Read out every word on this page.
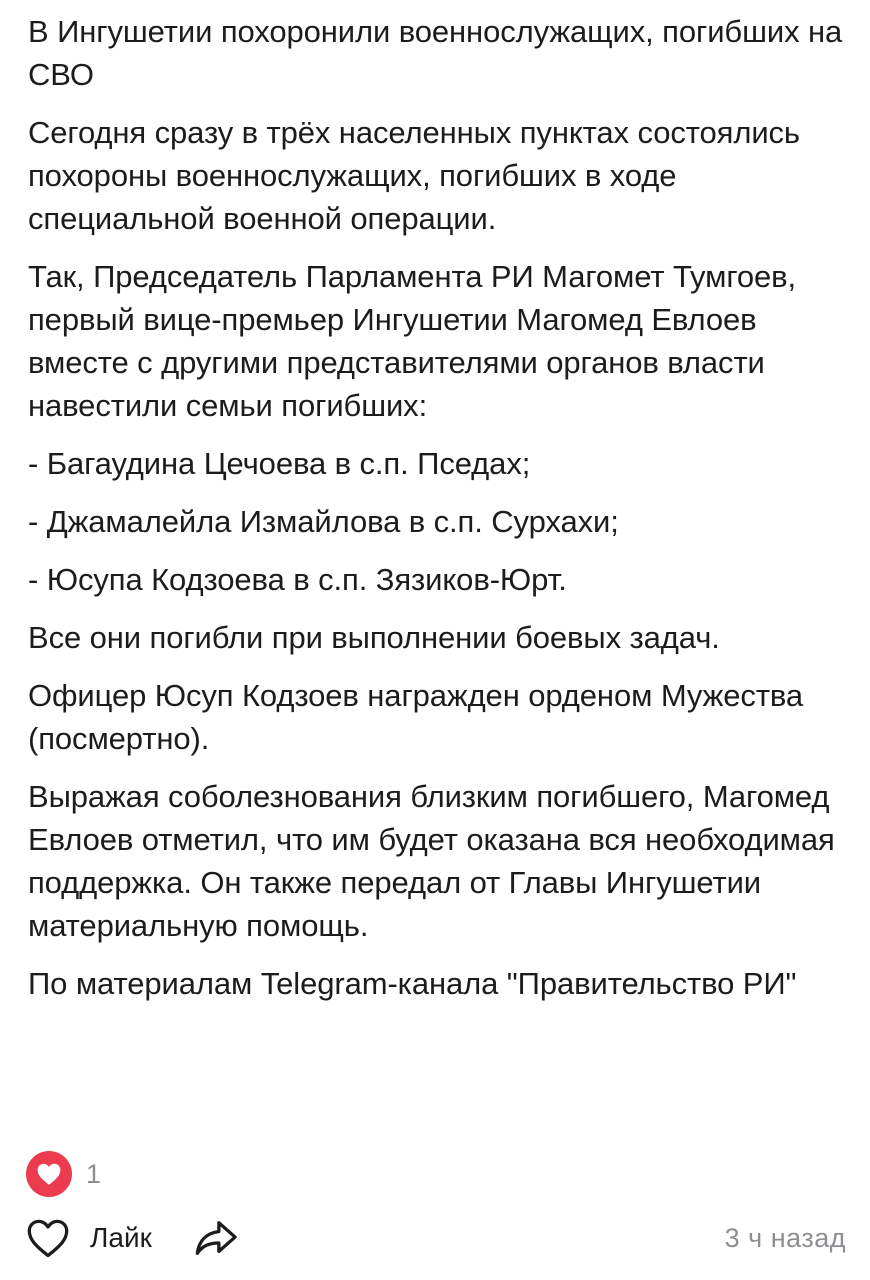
В Ингушетии похоронили военнослужащих, погибших на СВО

Сегодня сразу в трёх населенных пунктах состоялись похороны военнослужащих, погибших в ходе специальной военной операции.

Так, Председатель Парламента РИ Магомет Тумгоев, первый вице-премьер Ингушетии Магомед Евлоев вместе с другими представителями органов власти навестили семьи погибших:

- Багаудина Цечоева в с.п. Пседах;

- Джамалейла Измайлова в с.п. Сурхахи;

- Юсупа Кодзоева в с.п. Зязиков-Юрт.

Все они погибли при выполнении боевых задач.

Офицер Юсуп Кодзоев награжден орденом Мужества (посмертно).

Выражая соболезнования близким погибшего, Магомед Евлоев отметил, что им будет оказана вся необходимая поддержка. Он также передал от Главы Ингушетии материальную помощь.

По материалам Telegram-канала "Правительство РИ"

1
Лайк	3 ч назад
